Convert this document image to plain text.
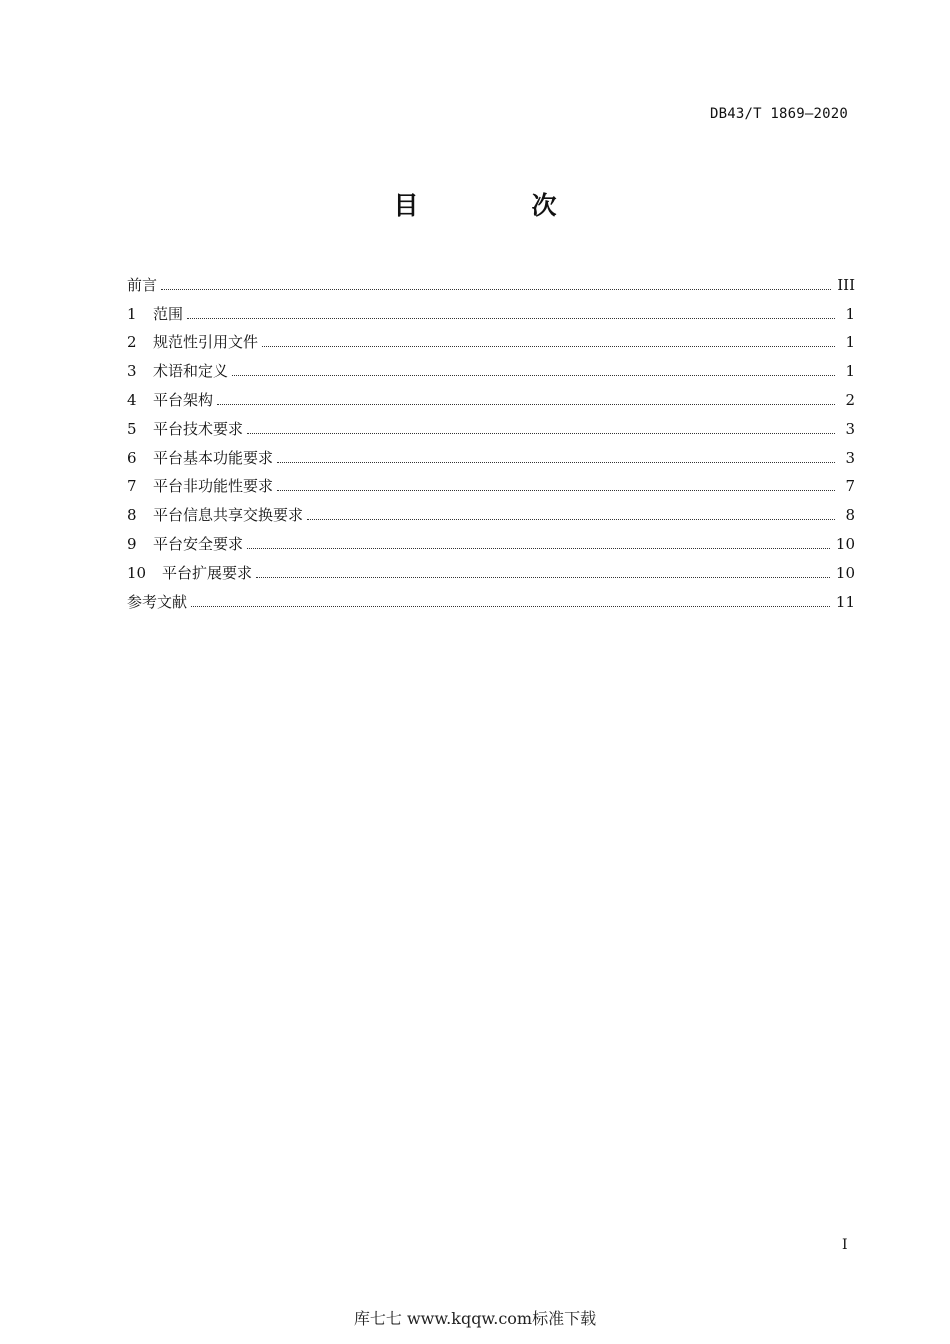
DB43/T 1869—2020
目　次
前言	III
1	范围	1
2	规范性引用文件	1
3	术语和定义	1
4	平台架构	2
5	平台技术要求	3
6	平台基本功能要求	3
7	平台非功能性要求	7
8	平台信息共享交换要求	8
9	平台安全要求	10
10	平台扩展要求	10
参考文献	11
I
库七七 www.kqqw.com标准下载
